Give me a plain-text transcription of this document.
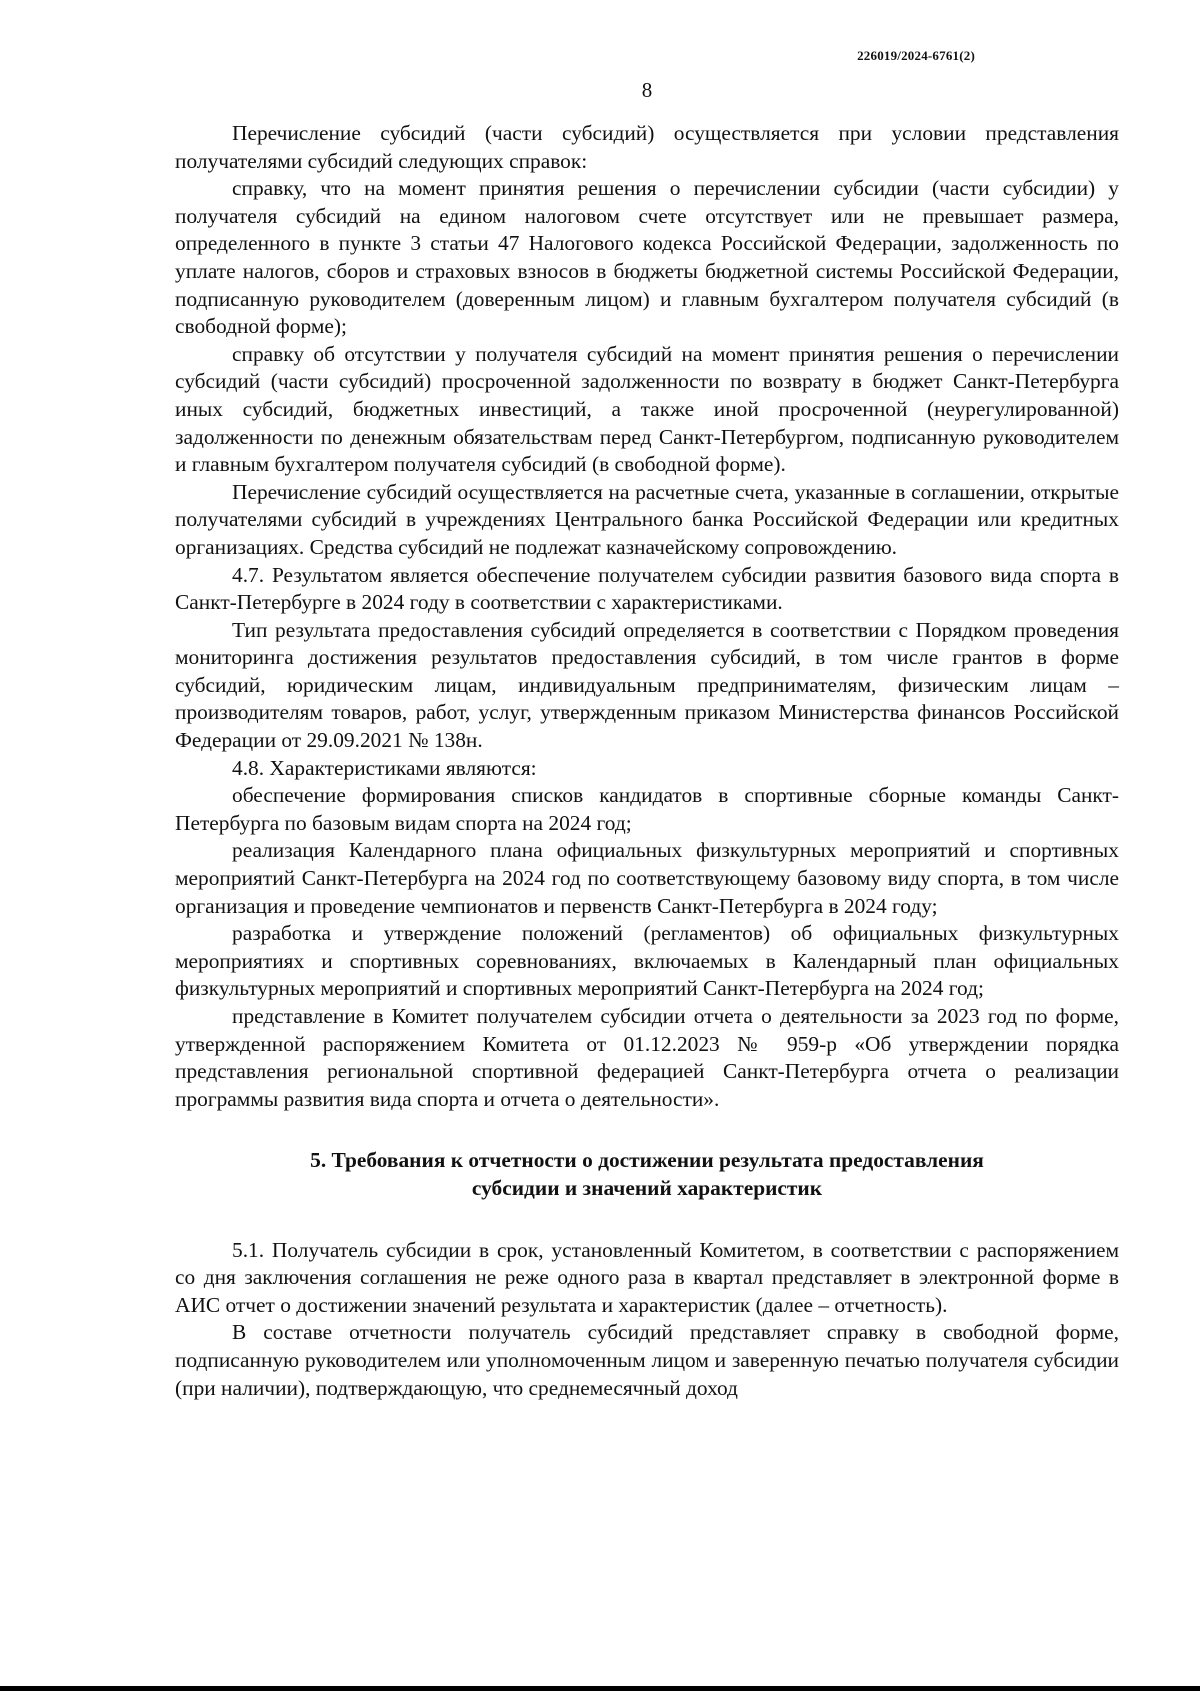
226019/2024-6761(2)
8

Перечисление субсидий (части субсидий) осуществляется при условии представления получателями субсидий следующих справок:

справку, что на момент принятия решения о перечислении субсидии (части субсидии) у получателя субсидий на едином налоговом счете отсутствует или не превышает размера, определенного в пункте 3 статьи 47 Налогового кодекса Российской Федерации, задолженность по уплате налогов, сборов и страховых взносов в бюджеты бюджетной системы Российской Федерации, подписанную руководителем (доверенным лицом) и главным бухгалтером получателя субсидий (в свободной форме);

справку об отсутствии у получателя субсидий на момент принятия решения о перечислении субсидий (части субсидий) просроченной задолженности по возврату в бюджет Санкт-Петербурга иных субсидий, бюджетных инвестиций, а также иной просроченной (неурегулированной) задолженности по денежным обязательствам перед Санкт-Петербургом, подписанную руководителем и главным бухгалтером получателя субсидий (в свободной форме).

Перечисление субсидий осуществляется на расчетные счета, указанные в соглашении, открытые получателями субсидий в учреждениях Центрального банка Российской Федерации или кредитных организациях. Средства субсидий не подлежат казначейскому сопровождению.

4.7. Результатом является обеспечение получателем субсидии развития базового вида спорта в Санкт-Петербурге в 2024 году в соответствии с характеристиками.

Тип результата предоставления субсидий определяется в соответствии с Порядком проведения мониторинга достижения результатов предоставления субсидий, в том числе грантов в форме субсидий, юридическим лицам, индивидуальным предпринимателям, физическим лицам – производителям товаров, работ, услуг, утвержденным приказом Министерства финансов Российской Федерации от 29.09.2021 № 138н.

4.8. Характеристиками являются:

обеспечение формирования списков кандидатов в спортивные сборные команды Санкт-Петербурга по базовым видам спорта на 2024 год;

реализация Календарного плана официальных физкультурных мероприятий и спортивных мероприятий Санкт-Петербурга на 2024 год по соответствующему базовому виду спорта, в том числе организация и проведение чемпионатов и первенств Санкт-Петербурга в 2024 году;

разработка и утверждение положений (регламентов) об официальных физкультурных мероприятиях и спортивных соревнованиях, включаемых в Календарный план официальных физкультурных мероприятий и спортивных мероприятий Санкт-Петербурга на 2024 год;

представление в Комитет получателем субсидии отчета о деятельности за 2023 год по форме, утвержденной распоряжением Комитета от 01.12.2023 № 959-р «Об утверждении порядка представления региональной спортивной федерацией Санкт-Петербурга отчета о реализации программы развития вида спорта и отчета о деятельности».

5. Требования к отчетности о достижении результата предоставления субсидии и значений характеристик

5.1. Получатель субсидии в срок, установленный Комитетом, в соответствии с распоряжением со дня заключения соглашения не реже одного раза в квартал представляет в электронной форме в АИС отчет о достижении значений результата и характеристик (далее – отчетность).

В составе отчетности получатель субсидий представляет справку в свободной форме, подписанную руководителем или уполномоченным лицом и заверенную печатью получателя субсидии (при наличии), подтверждающую, что среднемесячный доход
